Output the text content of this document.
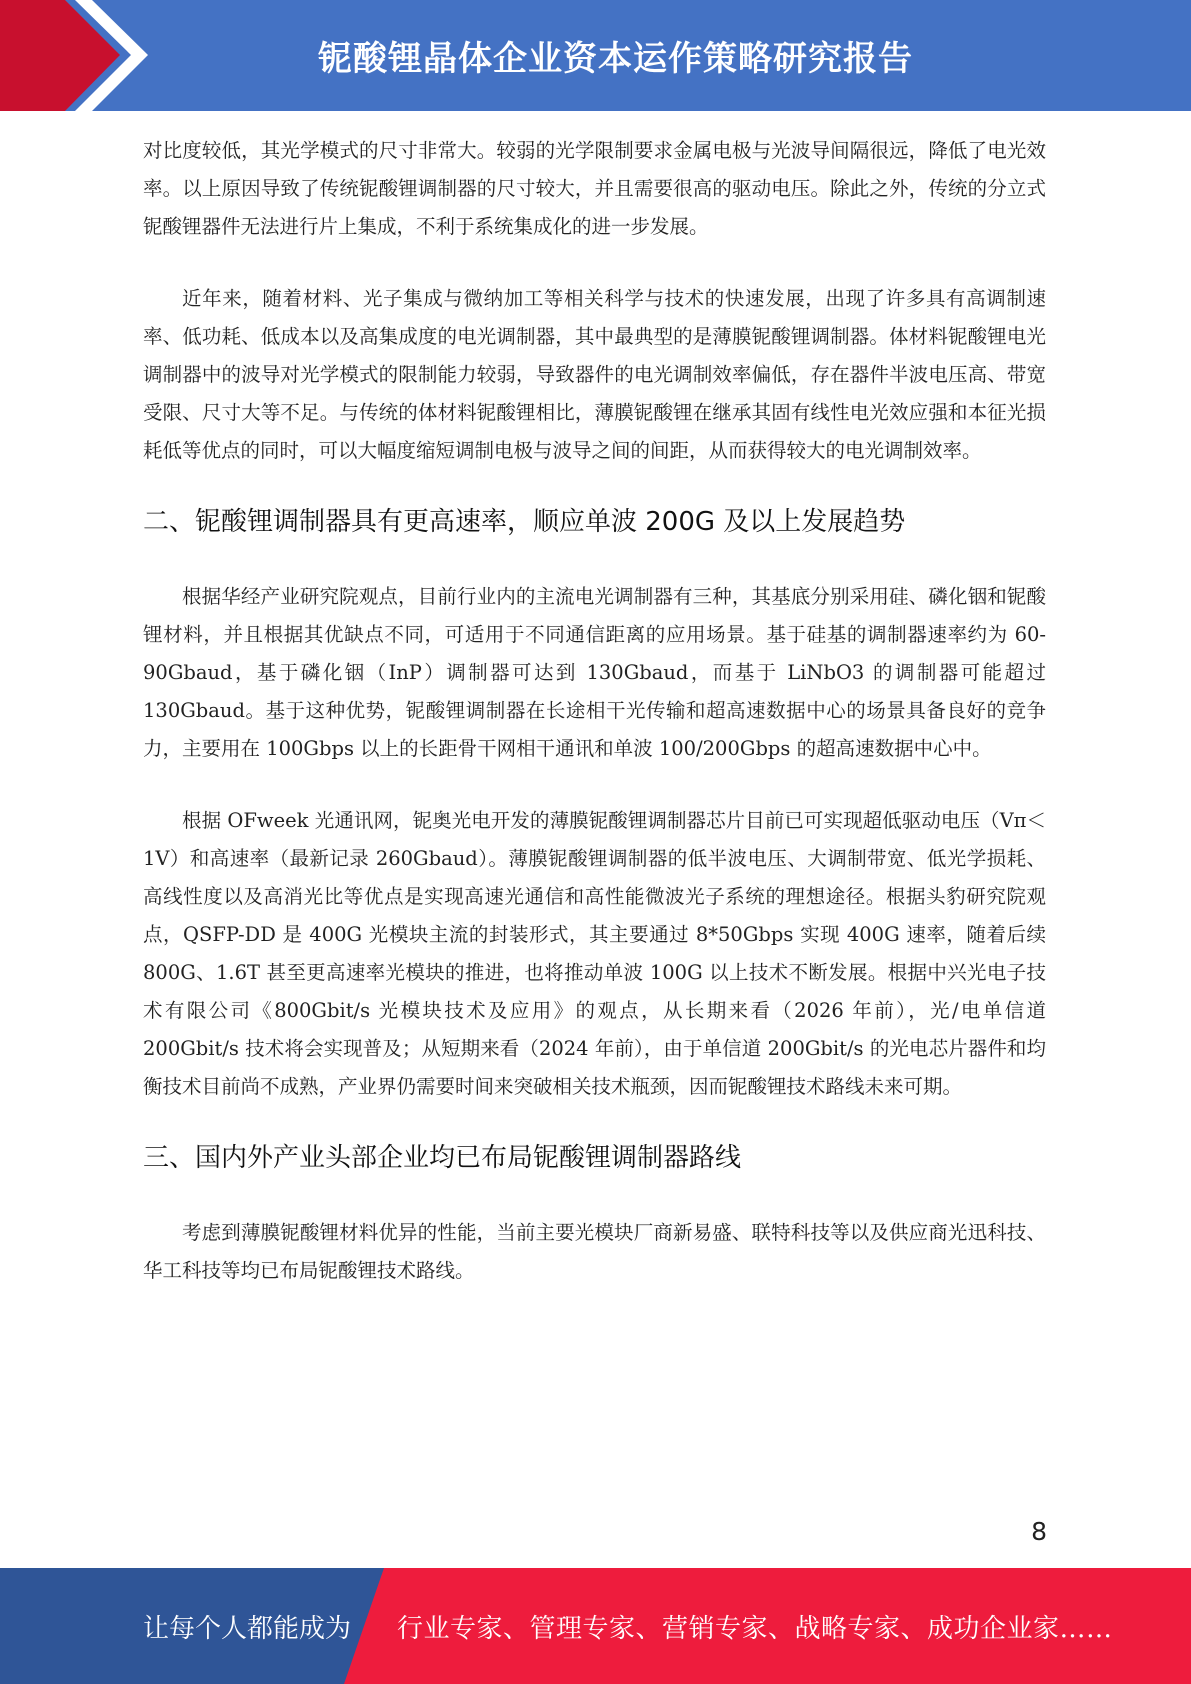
铌酸锂晶体企业资本运作策略研究报告

对比度较低，其光学模式的尺寸非常大。较弱的光学限制要求金属电极与光波导间隔很远，降低了电光效率。以上原因导致了传统铌酸锂调制器的尺寸较大，并且需要很高的驱动电压。除此之外，传统的分立式铌酸锂器件无法进行片上集成，不利于系统集成化的进一步发展。

近年来，随着材料、光子集成与微纳加工等相关科学与技术的快速发展，出现了许多具有高调制速率、低功耗、低成本以及高集成度的电光调制器，其中最典型的是薄膜铌酸锂调制器。体材料铌酸锂电光调制器中的波导对光学模式的限制能力较弱，导致器件的电光调制效率偏低，存在器件半波电压高、带宽受限、尺寸大等不足。与传统的体材料铌酸锂相比，薄膜铌酸锂在继承其固有线性电光效应强和本征光损耗低等优点的同时，可以大幅度缩短调制电极与波导之间的间距，从而获得较大的电光调制效率。

二、铌酸锂调制器具有更高速率，顺应单波 200G 及以上发展趋势

根据华经产业研究院观点，目前行业内的主流电光调制器有三种，其基底分别采用硅、磷化铟和铌酸锂材料，并且根据其优缺点不同，可适用于不同通信距离的应用场景。基于硅基的调制器速率约为 60-90Gbaud，基于磷化铟（InP）调制器可达到 130Gbaud，而基于 LiNbO3 的调制器可能超过 130Gbaud。基于这种优势，铌酸锂调制器在长途相干光传输和超高速数据中心的场景具备良好的竞争力，主要用在 100Gbps 以上的长距骨干网相干通讯和单波 100/200Gbps 的超高速数据中心中。

根据 OFweek 光通讯网，铌奥光电开发的薄膜铌酸锂调制器芯片目前已可实现超低驱动电压（Vπ＜1V）和高速率（最新记录 260Gbaud）。薄膜铌酸锂调制器的低半波电压、大调制带宽、低光学损耗、高线性度以及高消光比等优点是实现高速光通信和高性能微波光子系统的理想途径。根据头豹研究院观点，QSFP-DD 是 400G 光模块主流的封装形式，其主要通过 8*50Gbps 实现 400G 速率，随着后续 800G、1.6T 甚至更高速率光模块的推进，也将推动单波 100G 以上技术不断发展。根据中兴光电子技术有限公司《800Gbit/s 光模块技术及应用》的观点，从长期来看（2026 年前），光/电单信道 200Gbit/s 技术将会实现普及；从短期来看（2024 年前），由于单信道 200Gbit/s 的光电芯片器件和均衡技术目前尚不成熟，产业界仍需要时间来突破相关技术瓶颈，因而铌酸锂技术路线未来可期。

三、国内外产业头部企业均已布局铌酸锂调制器路线

考虑到薄膜铌酸锂材料优异的性能，当前主要光模块厂商新易盛、联特科技等以及供应商光迅科技、华工科技等均已布局铌酸锂技术路线。

8
让每个人都能成为 行业专家、管理专家、营销专家、战略专家、成功企业家……
